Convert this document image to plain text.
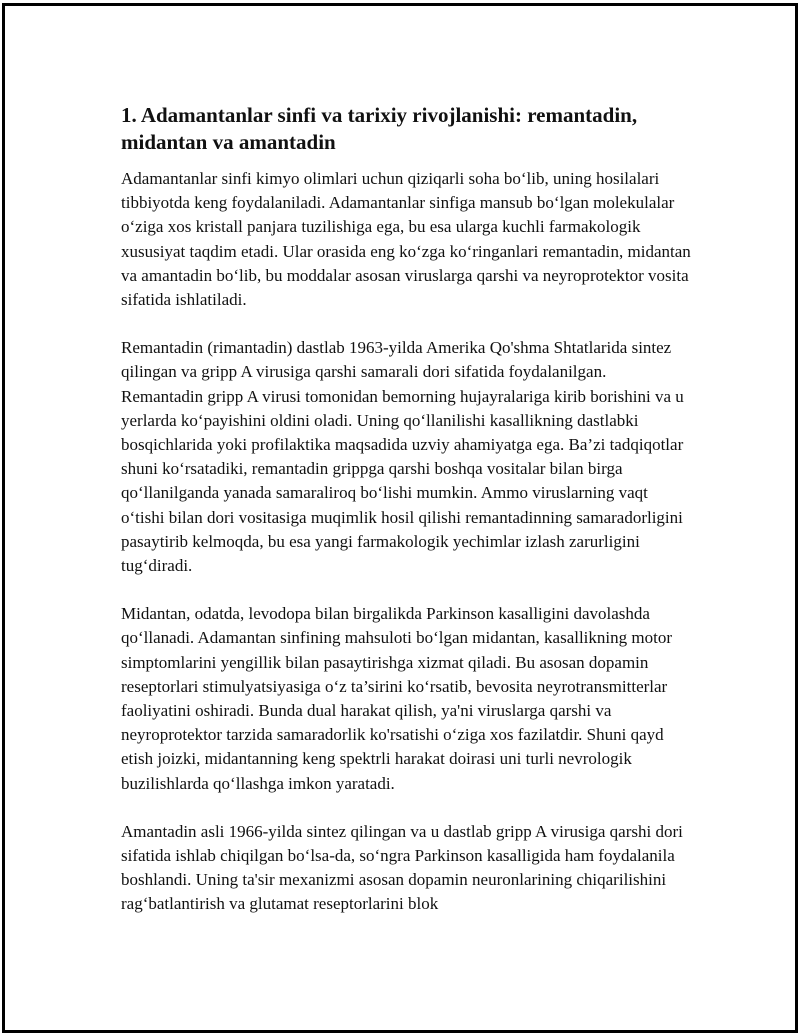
1. Adamantanlar sinfi va tarixiy rivojlanishi: remantadin, midantan va amantadin

Adamantanlar sinfi kimyo olimlari uchun qiziqarli soha bo‘lib, uning hosilalari tibbiyotda keng foydalaniladi. Adamantanlar sinfiga mansub bo‘lgan molekulalar o‘ziga xos kristall panjara tuzilishiga ega, bu esa ularga kuchli farmakologik xususiyat taqdim etadi. Ular orasida eng ko‘zga ko‘ringanlari remantadin, midantan va amantadin bo‘lib, bu moddalar asosan viruslarga qarshi va neyroprotektor vosita sifatida ishlatiladi.

Remantadin (rimantadin) dastlab 1963-yilda Amerika Qo'shma Shtatlarida sintez qilingan va gripp A virusiga qarshi samarali dori sifatida foydalanilgan. Remantadin gripp A virusi tomonidan bemorning hujayralariga kirib borishini va u yerlarda ko‘payishini oldini oladi. Uning qo‘llanilishi kasallikning dastlabki bosqichlarida yoki profilaktika maqsadida uzviy ahamiyatga ega. Ba’zi tadqiqotlar shuni ko‘rsatadiki, remantadin grippga qarshi boshqa vositalar bilan birga qo‘llanilganda yanada samaraliroq bo‘lishi mumkin. Ammo viruslarning vaqt o‘tishi bilan dori vositasiga muqimlik hosil qilishi remantadinning samaradorligini pasaytirib kelmoqda, bu esa yangi farmakologik yechimlar izlash zarurligini tug‘diradi.

Midantan, odatda, levodopa bilan birgalikda Parkinson kasalligini davolashda qo‘llanadi. Adamantan sinfining mahsuloti bo‘lgan midantan, kasallikning motor simptomlarini yengillik bilan pasaytirishga xizmat qiladi. Bu asosan dopamin reseptorlari stimulyatsiyasiga o‘z ta’sirini ko‘rsatib, bevosita neyrotransmitterlar faoliyatini oshiradi. Bunda dual harakat qilish, ya'ni viruslarga qarshi va neyroprotektor tarzida samaradorlik ko'rsatishi o‘ziga xos fazilatdir. Shuni qayd etish joizki, midantanning keng spektrli harakat doirasi uni turli nevrologik buzilishlarda qo‘llashga imkon yaratadi.

Amantadin asli 1966-yilda sintez qilingan va u dastlab gripp A virusiga qarshi dori sifatida ishlab chiqilgan bo‘lsa-da, so‘ngra Parkinson kasalligida ham foydalanila boshlandi. Uning ta'sir mexanizmi asosan dopamin neuronlarining chiqarilishini rag‘batlantirish va glutamat reseptorlarini blok
